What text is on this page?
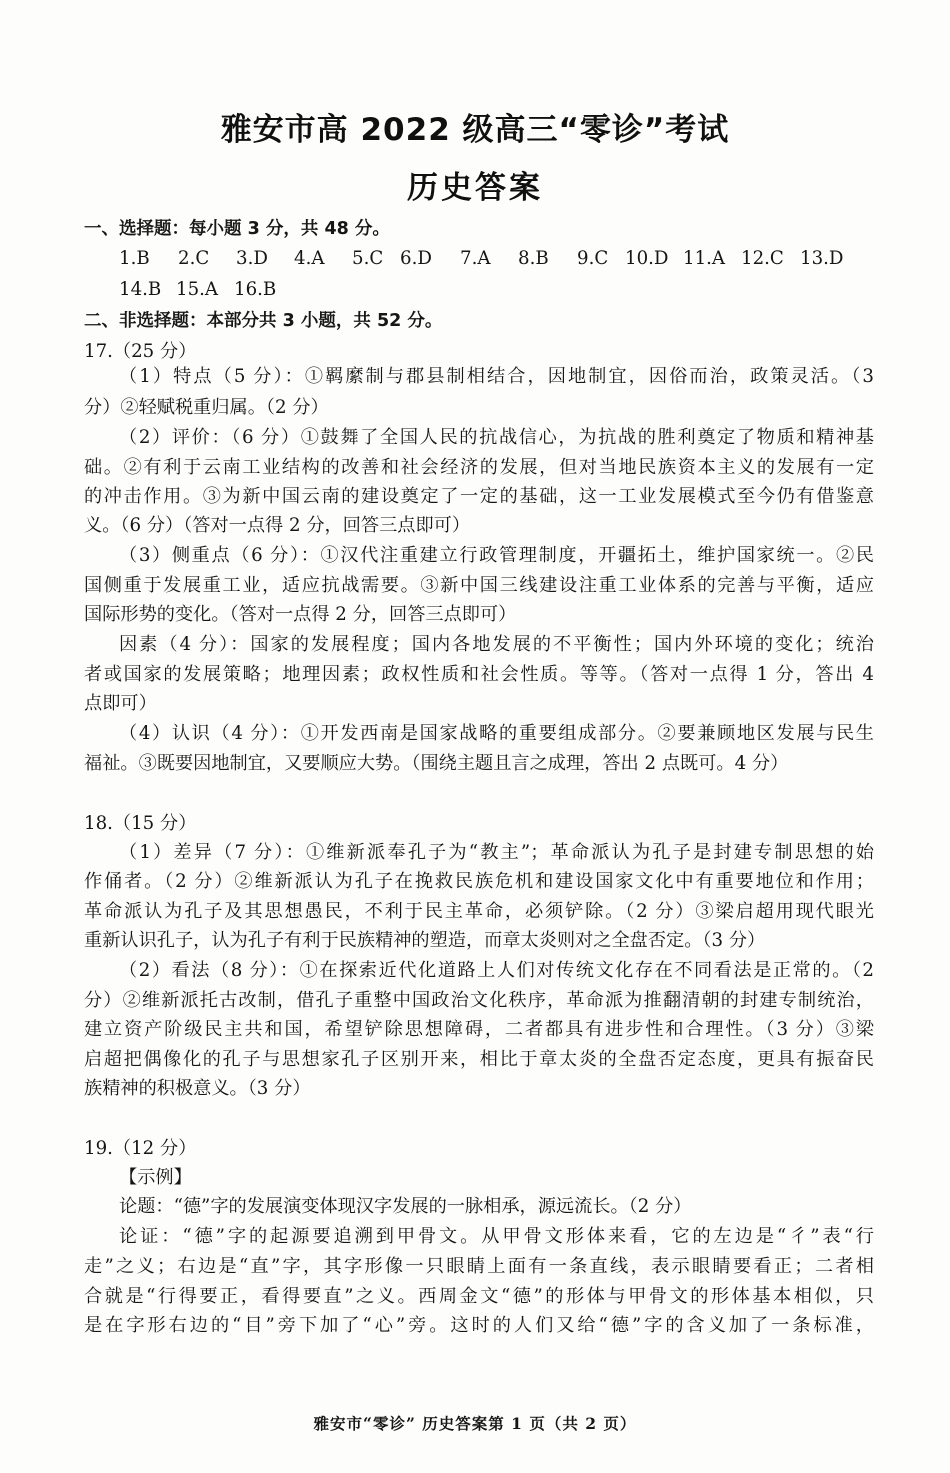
雅安市高 2022 级高三“零诊”考试
历史答案
一、选择题：每小题 3 分，共 48 分。
1.B 2.C 3.D 4.A 5.C 6.D 7.A 8.B 9.C 10.D 11.A 12.C 13.D
14.B 15.A 16.B
二、非选择题：本部分共 3 小题，共 52 分。
17.（25 分）
（1）特点（5 分）：①羁縻制与郡县制相结合，因地制宜，因俗而治，政策灵活。（3
分）②轻赋税重归属。（2 分）
（2）评价：（6 分）①鼓舞了全国人民的抗战信心，为抗战的胜利奠定了物质和精神基
础。②有利于云南工业结构的改善和社会经济的发展，但对当地民族资本主义的发展有一定
的冲击作用。③为新中国云南的建设奠定了一定的基础，这一工业发展模式至今仍有借鉴意
义。（6 分）（答对一点得 2 分，回答三点即可）
（3）侧重点（6 分）：①汉代注重建立行政管理制度，开疆拓土，维护国家统一。②民
国侧重于发展重工业，适应抗战需要。③新中国三线建设注重工业体系的完善与平衡，适应
国际形势的变化。（答对一点得 2 分，回答三点即可）
因素（4 分）：国家的发展程度；国内各地发展的不平衡性；国内外环境的变化；统治
者或国家的发展策略；地理因素；政权性质和社会性质。等等。（答对一点得 1 分，答出 4
点即可）
（4）认识（4 分）：①开发西南是国家战略的重要组成部分。②要兼顾地区发展与民生
福祉。③既要因地制宜，又要顺应大势。（围绕主题且言之成理，答出 2 点既可。4 分）
18.（15 分）
（1）差异（7 分）：①维新派奉孔子为“教主”；革命派认为孔子是封建专制思想的始
作俑者。（2 分）②维新派认为孔子在挽救民族危机和建设国家文化中有重要地位和作用；
革命派认为孔子及其思想愚民，不利于民主革命，必须铲除。（2 分）③梁启超用现代眼光
重新认识孔子，认为孔子有利于民族精神的塑造，而章太炎则对之全盘否定。（3 分）
（2）看法（8 分）：①在探索近代化道路上人们对传统文化存在不同看法是正常的。（2
分）②维新派托古改制，借孔子重整中国政治文化秩序，革命派为推翻清朝的封建专制统治，
建立资产阶级民主共和国，希望铲除思想障碍，二者都具有进步性和合理性。（3 分）③梁
启超把偶像化的孔子与思想家孔子区别开来，相比于章太炎的全盘否定态度，更具有振奋民
族精神的积极意义。（3 分）
19.（12 分）
【示例】
论题：“德”字的发展演变体现汉字发展的一脉相承，源远流长。（2 分）
论证：“德”字的起源要追溯到甲骨文。从甲骨文形体来看，它的左边是“彳”表“行
走”之义；右边是“直”字，其字形像一只眼睛上面有一条直线，表示眼睛要看正；二者相
合就是“行得要正，看得要直”之义。西周金文“德”的形体与甲骨文的形体基本相似，只
是在字形右边的“目”旁下加了“心”旁。这时的人们又给“德”字的含义加了一条标准，
雅安市“零诊” 历史答案第 1 页（共 2 页）
